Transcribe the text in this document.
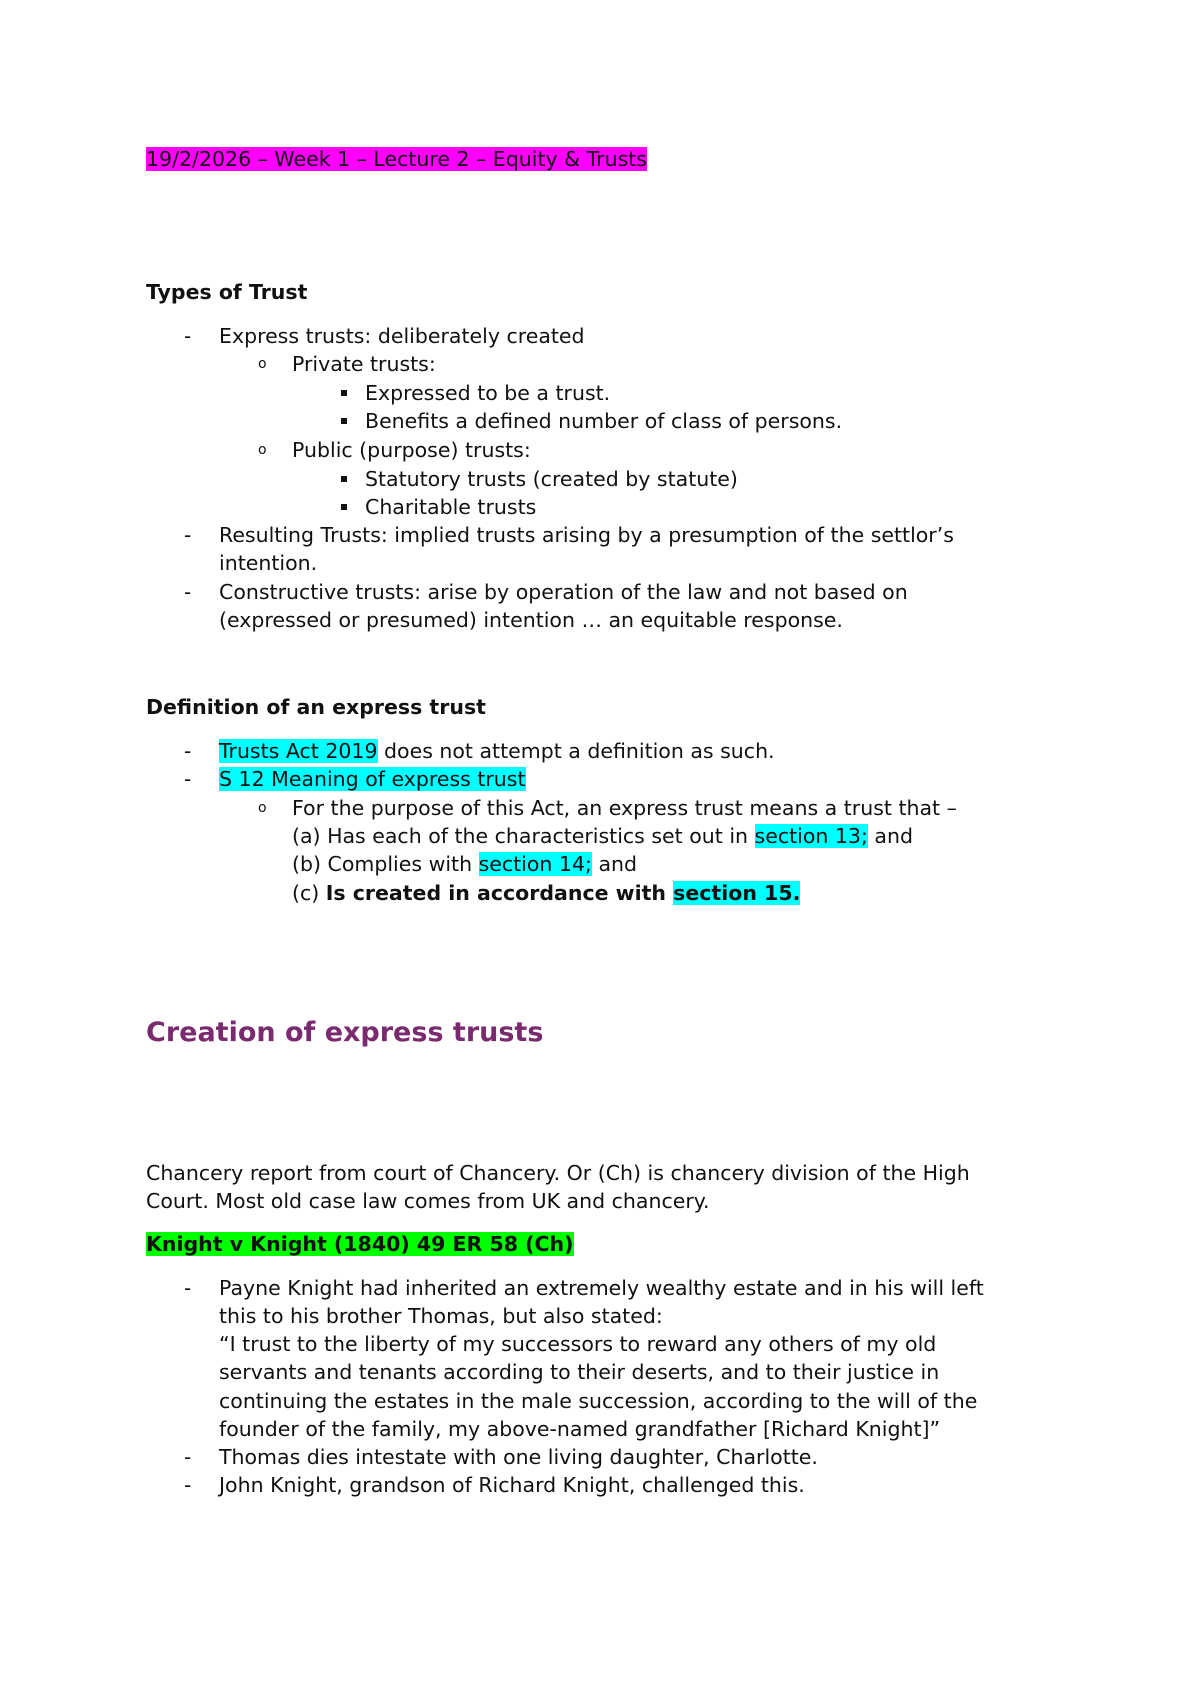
19/2/2026 – Week 1 – Lecture 2 – Equity & Trusts
Types of Trust
- Express trusts: deliberately created
o Private trusts:
Expressed to be a trust.
Benefits a defined number of class of persons.
o Public (purpose) trusts:
Statutory trusts (created by statute)
Charitable trusts
- Resulting Trusts: implied trusts arising by a presumption of the settlor’s
intention.
- Constructive trusts: arise by operation of the law and not based on
(expressed or presumed) intention … an equitable response.
Definition of an express trust
- Trusts Act 2019 does not attempt a definition as such.
- S 12 Meaning of express trust
o For the purpose of this Act, an express trust means a trust that –
(a) Has each of the characteristics set out in section 13; and
(b) Complies with section 14; and
(c) Is created in accordance with section 15.
Creation of express trusts
Chancery report from court of Chancery. Or (Ch) is chancery division of the High
Court. Most old case law comes from UK and chancery.
Knight v Knight (1840) 49 ER 58 (Ch)
- Payne Knight had inherited an extremely wealthy estate and in his will left
this to his brother Thomas, but also stated:
“I trust to the liberty of my successors to reward any others of my old
servants and tenants according to their deserts, and to their justice in
continuing the estates in the male succession, according to the will of the
founder of the family, my above-named grandfather [Richard Knight]”
- Thomas dies intestate with one living daughter, Charlotte.
- John Knight, grandson of Richard Knight, challenged this.
